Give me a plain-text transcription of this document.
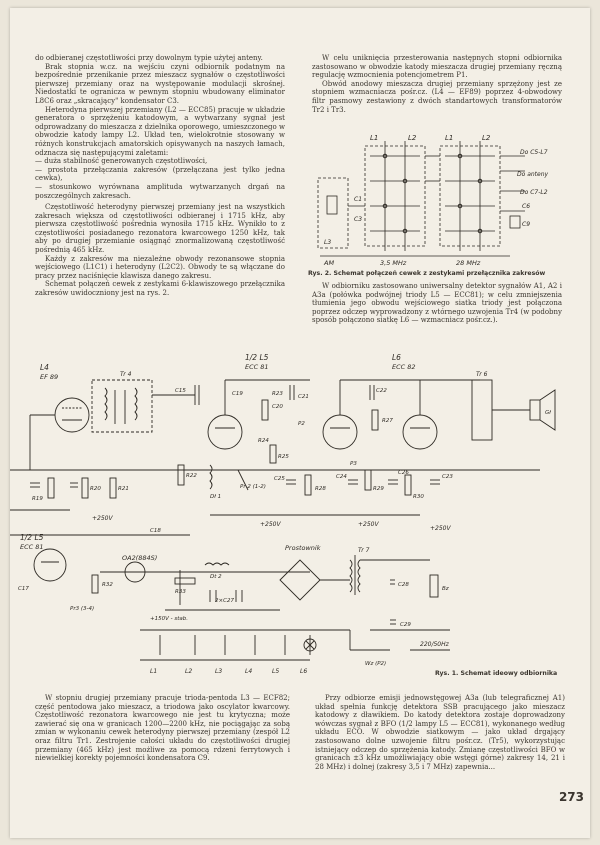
do odbieranej częstotliwości przy dowolnym typie użytej anteny.

Brak stopnia w.cz. na wejściu czyni odbiornik podatnym na bezpośrednie przenikanie przez mieszacz sygnałów o częstotliwości pierwszej przemiany oraz na występowanie modulacji skrośnej. Niedostatki te ogranicza w pewnym stopniu wbudowany eliminator L8C6 oraz „skracający" kondensator C3.

Heterodyna pierwszej przemiany (L2 — ECC85) pracuje w układzie generatora o sprzężeniu katodowym, a wytwarzany sygnał jest odprowadzany do mieszacza z dzielnika oporowego, umieszczonego w obwodzie katody lampy L2. Układ ten, wielokrotnie stosowany w różnych konstrukcjach amatorskich opisywanych na naszych łamach, odznacza się następującymi zaletami:

— duża stabilność generowanych częstotliwości,
— prostota przełączania zakresów (przełączana jest tylko jedna cewka),
— stosunkowo wyrównana amplituda wytwarzanych drgań na poszczególnych zakresach.

Częstotliwość heterodyny pierwszej przemiany jest na wszystkich zakresach większa od częstotliwości odbieranej i 1715 kHz, aby pierwsza częstotliwość pośrednia wynosiła 1715 kHz. Wynikło to z częstotliwości posiadanego rezonatora kwarcowego 1250 kHz, tak aby po drugiej przemianie osiągnąć znormalizowaną częstotliwość pośrednią 465 kHz.

Każdy z zakresów ma niezależne obwody rezonansowe stopnia wejściowego (L1C1) i heterodyny (L2C2). Obwody te są włączane do pracy przez naciśnięcie klawisza danego zakresu.

Schemat połączeń cewek z zestykami 6-klawiszowego przełącznika zakresów uwidoczniony jest na rys. 2.

W celu uniknięcia przesterowania następnych stopni odbiornika zastosowano w obwodzie katody mieszacza drugiej przemiany ręczną regulację wzmocnienia potencjometrem P1.

Obwód anodowy mieszacza drugiej przemiany sprzężony jest ze stopniem wzmacniacza pośr.cz. (L4 — EF89) poprzez 4-obwodowy filtr pasmowy zestawiony z dwóch standartowych transformatorów Tr2 i Tr3.

L1	L2	L1	L2
Do C5-L7
Do anteny
Do C7-L2
C6
C9
C1
C3
L3
AM	3,5 MHz	28 MHz
Rys. 2. Schemat połączeń cewek z zestykami przełącznika zakresów

W odbiorniku zastosowano uniwersalny detektor sygnałów A1, A2 i A3a (połówka podwójnej triody L5 — ECC81); w celu zmniejszenia tłumienia jego obwodu wejściowego siatka triody jest połączona poprzez odczep wyprowadzony z wtórnego uzwojenia Tr4 (w podobny sposób połączono siatkę L6 — wzmacniacz pośr.cz.).

L4
EF 89
1/2 L5
ECC 81
L6
ECC 82
Tr 4	Tr 6
C15	C19	R23
C20
C21
C22
R24
R27
R28	R29
R19
R20	R21
R22
R25
C25	C24
C26
C23
R30
P2
P3
Dł 1
Pr 2 (1-2)
Gł
+250V
+250V	+250V
+250V
1/2 L5
ECC 81
C18
OA2(884S)
R32
R33
Dt 2
2×C27
+150V - stab.
Pr3 (3-4)
C17
Prostownik	Tr 7
C28
C29
Bz
220/50Hz
Wz (P2)
L1	L2	L3	L4	L5	L6	Rys. 1. Schemat ideowy odbiornika

W stopniu drugiej przemiany pracuje trioda-pentoda L3 — ECF82; część pentodowa jako mieszacz, a triodowa jako oscylator kwarcowy. Częstotliwość rezonatora kwarcowego nie jest tu krytyczna; może zawierać się ona w granicach 1200—2200 kHz, nie pociągając za sobą zmian w wykonaniu cewek heterodyny pierwszej przemiany (zespół L2 oraz filtru Tr1. Zestrojenie całości układu do częstotliwości drugiej przemiany (465 kHz) jest możliwe za pomocą rdzeni ferrytowych i niewielkiej korekty pojemności kondensatora C9.

Przy odbiorze emisji jednowstęgowej A3a (lub telegraficznej A1) układ spełnia funkcję detektora SSB pracującego jako mieszacz katodowy z dławikiem. Do katody detektora zostaje doprowadzony wówczas sygnał z BFO (1/2 lampy L5 — ECC81), wykonanego według układu ECO. W obwodzie siatkowym — jako układ drgający zastosowano dolne uzwojenie filtru pośr.cz. (Tr5), wykorzystując istniejący odczep do sprzężenia katody. Zmianę częstotliwości BFO w granicach ±3 kHz umożliwiający obie wstęgi górne) zakresy 14, 21 i 28 MHz) i dolnej (zakresy 3,5 i 7 MHz) zapewnia...

273
